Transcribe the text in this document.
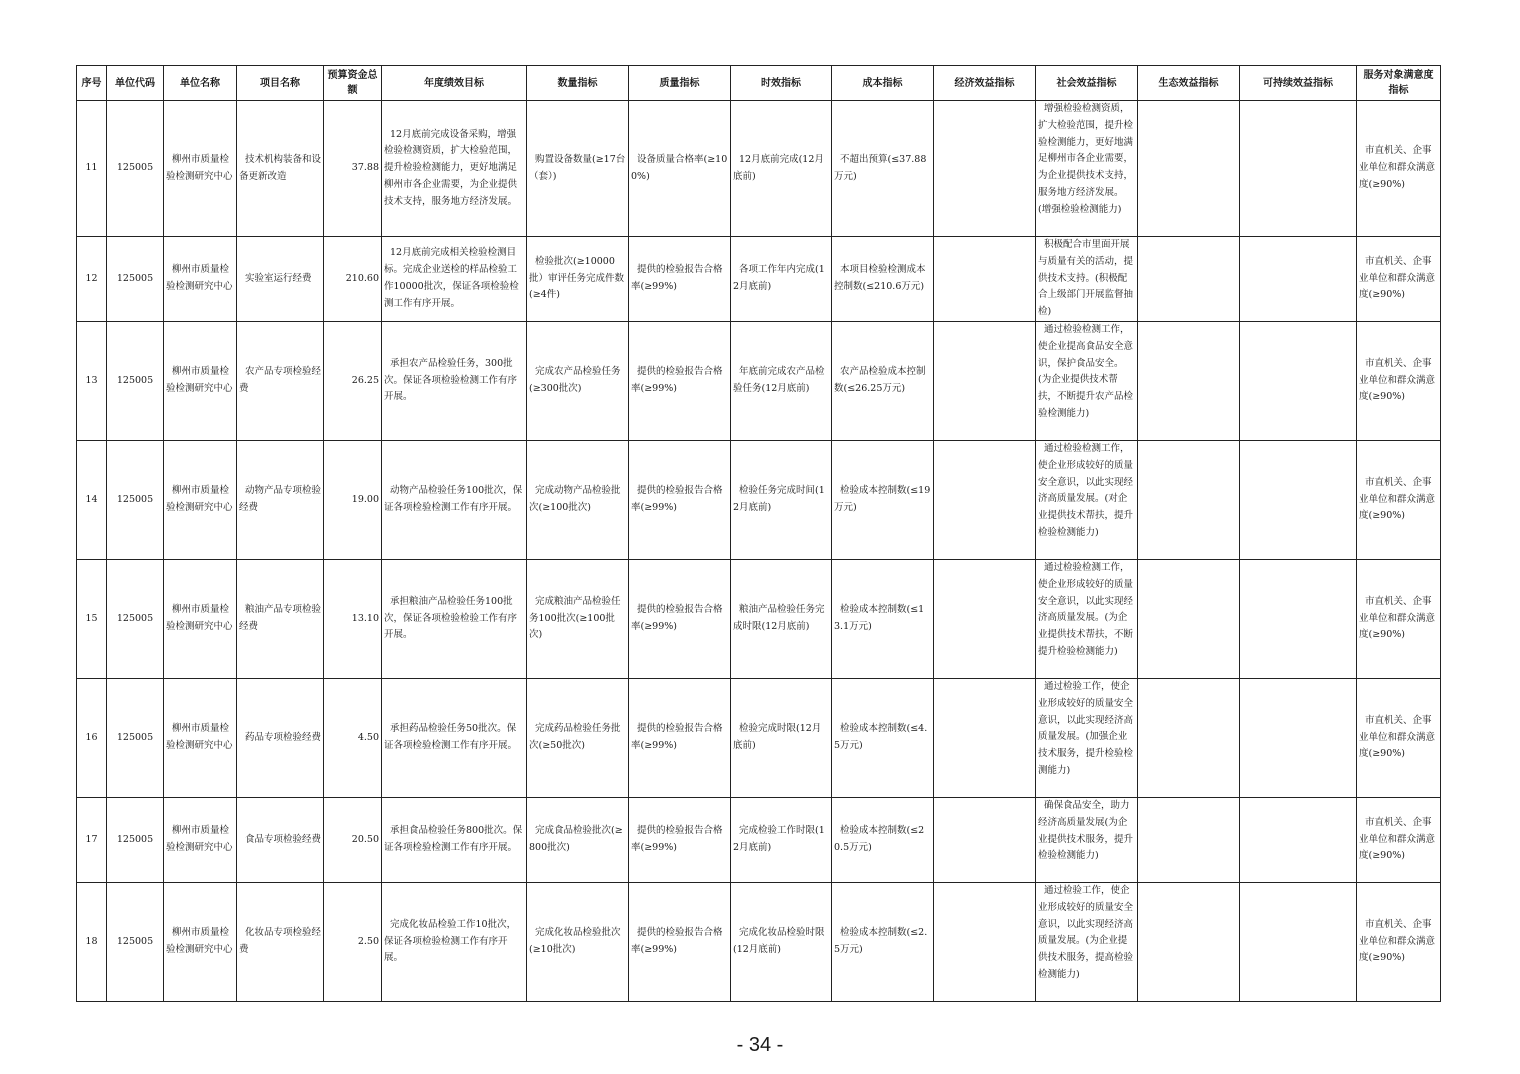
序号	单位代码	单位名称	项目名称	预算资金总额	年度绩效目标	数量指标	质量指标	时效指标	成本指标	经济效益指标	社会效益指标	生态效益指标	可持续效益指标	服务对象满意度指标
11	125005	柳州市质量检验检测研究中心	技术机构装备和设备更新改造	37.88	12月底前完成设备采购，增强检验检测资质，扩大检验范围，提升检验检测能力，更好地满足柳州市各企业需要，为企业提供技术支持，服务地方经济发展。	购置设备数量(≥17台（套）)	设备质量合格率(≥100%)	12月底前完成(12月底前)	不超出预算(≤37.88万元)		增强检验检测资质，扩大检验范围，提升检验检测能力，更好地满足柳州市各企业需要，为企业提供技术支持，服务地方经济发展。(增强检验检测能力)			市直机关、企事业单位和群众满意度(≥90%)
12	125005	柳州市质量检验检测研究中心	实验室运行经费	210.60	12月底前完成相关检验检测目标。完成企业送检的样品检验工作10000批次，保证各项检验检测工作有序开展。	检验批次(≥10000批）审评任务完成件数(≥4件)	提供的检验报告合格率(≥99%)	各项工作年内完成(12月底前)	本项目检验检测成本控制数(≤210.6万元)		积极配合市里面开展与质量有关的活动，提供技术支持。(积极配合上级部门开展监督抽检)			市直机关、企事业单位和群众满意度(≥90%)
13	125005	柳州市质量检验检测研究中心	农产品专项检验经费	26.25	承担农产品检验任务，300批次。保证各项检验检测工作有序开展。	完成农产品检验任务(≥300批次)	提供的检验报告合格率(≥99%)	年底前完成农产品检验任务(12月底前)	农产品检验成本控制数(≤26.25万元)		通过检验检测工作，使企业提高食品安全意识，保护食品安全。(为企业提供技术帮扶，不断提升农产品检验检测能力)			市直机关、企事业单位和群众满意度(≥90%)
14	125005	柳州市质量检验检测研究中心	动物产品专项检验经费	19.00	动物产品检验任务100批次，保证各项检验检测工作有序开展。	完成动物产品检验批次(≥100批次)	提供的检验报告合格率(≥99%)	检验任务完成时间(12月底前)	检验成本控制数(≤19万元)		通过检验检测工作，使企业形成较好的质量安全意识，以此实现经济高质量发展。(对企业提供技术帮扶，提升检验检测能力)			市直机关、企事业单位和群众满意度(≥90%)
15	125005	柳州市质量检验检测研究中心	粮油产品专项检验经费	13.10	承担粮油产品检验任务100批次，保证各项检验检验工作有序开展。	完成粮油产品检验任务100批次(≥100批次)	提供的检验报告合格率(≥99%)	粮油产品检验任务完成时限(12月底前)	检验成本控制数(≤13.1万元)		通过检验检测工作，使企业形成较好的质量安全意识，以此实现经济高质量发展。(为企业提供技术帮扶，不断提升检验检测能力)			市直机关、企事业单位和群众满意度(≥90%)
16	125005	柳州市质量检验检测研究中心	药品专项检验经费	4.50	承担药品检验任务50批次。保证各项检验检测工作有序开展。	完成药品检验任务批次(≥50批次)	提供的检验报告合格率(≥99%)	检验完成时限(12月底前)	检验成本控制数(≤4.5万元)		通过检验工作，使企业形成较好的质量安全意识，以此实现经济高质量发展。(加强企业技术服务，提升检验检测能力)			市直机关、企事业单位和群众满意度(≥90%)
17	125005	柳州市质量检验检测研究中心	食品专项检验经费	20.50	承担食品检验任务800批次。保证各项检验检测工作有序开展。	完成食品检验批次(≥800批次)	提供的检验报告合格率(≥99%)	完成检验工作时限(12月底前)	检验成本控制数(≤20.5万元)		确保食品安全，助力经济高质量发展(为企业提供技术服务，提升检验检测能力)			市直机关、企事业单位和群众满意度(≥90%)
18	125005	柳州市质量检验检测研究中心	化妆品专项检验经费	2.50	完成化妆品检验工作10批次，保证各项检验检测工作有序开展。	完成化妆品检验批次(≥10批次)	提供的检验报告合格率(≥99%)	完成化妆品检验时限(12月底前)	检验成本控制数(≤2.5万元)		通过检验工作，使企业形成较好的质量安全意识，以此实现经济高质量发展。(为企业提供技术服务，提高检验检测能力)			市直机关、企事业单位和群众满意度(≥90%)
- 34 -
